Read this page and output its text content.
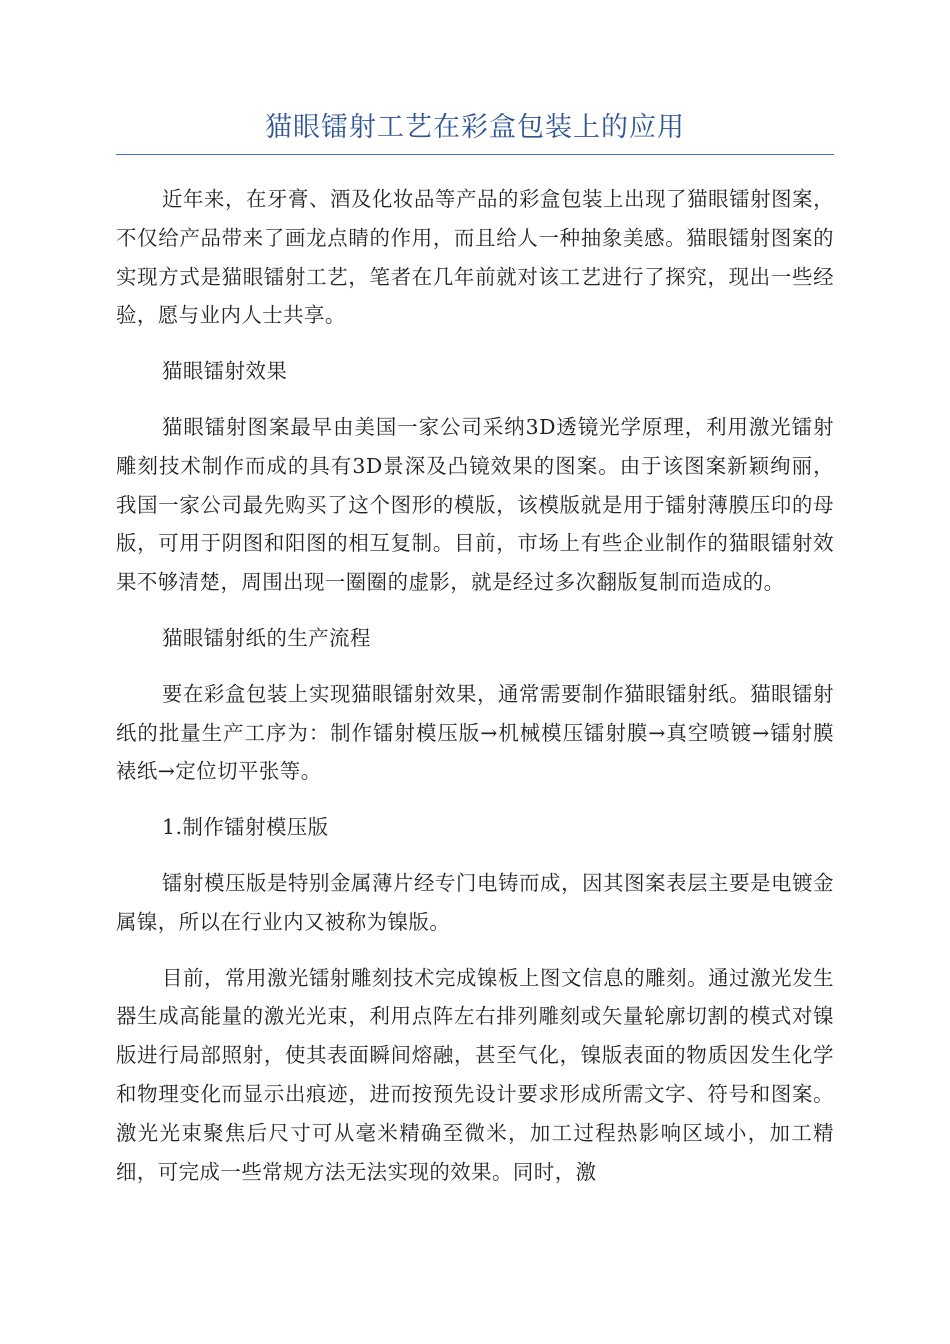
猫眼镭射工艺在彩盒包装上的应用

近年来，在牙膏、酒及化妆品等产品的彩盒包装上出现了猫眼镭射图案，不仅给产品带来了画龙点睛的作用，而且给人一种抽象美感。猫眼镭射图案的实现方式是猫眼镭射工艺，笔者在几年前就对该工艺进行了探究，现出一些经验，愿与业内人士共享。

猫眼镭射效果

猫眼镭射图案最早由美国一家公司采纳3D透镜光学原理，利用激光镭射雕刻技术制作而成的具有3D景深及凸镜效果的图案。由于该图案新颖绚丽，我国一家公司最先购买了这个图形的模版，该模版就是用于镭射薄膜压印的母版，可用于阴图和阳图的相互复制。目前，市场上有些企业制作的猫眼镭射效果不够清楚，周围出现一圈圈的虚影，就是经过多次翻版复制而造成的。

猫眼镭射纸的生产流程

要在彩盒包装上实现猫眼镭射效果，通常需要制作猫眼镭射纸。猫眼镭射纸的批量生产工序为：制作镭射模压版→机械模压镭射膜→真空喷镀→镭射膜裱纸→定位切平张等。

1.制作镭射模压版

镭射模压版是特别金属薄片经专门电铸而成，因其图案表层主要是电镀金属镍，所以在行业内又被称为镍版。

目前，常用激光镭射雕刻技术完成镍板上图文信息的雕刻。通过激光发生器生成高能量的激光光束，利用点阵左右排列雕刻或矢量轮廓切割的模式对镍版进行局部照射，使其表面瞬间熔融，甚至气化，镍版表面的物质因发生化学和物理变化而显示出痕迹，进而按预先设计要求形成所需文字、符号和图案。激光光束聚焦后尺寸可从毫米精确至微米，加工过程热影响区域小，加工精细，可完成一些常规方法无法实现的效果。同时，激
